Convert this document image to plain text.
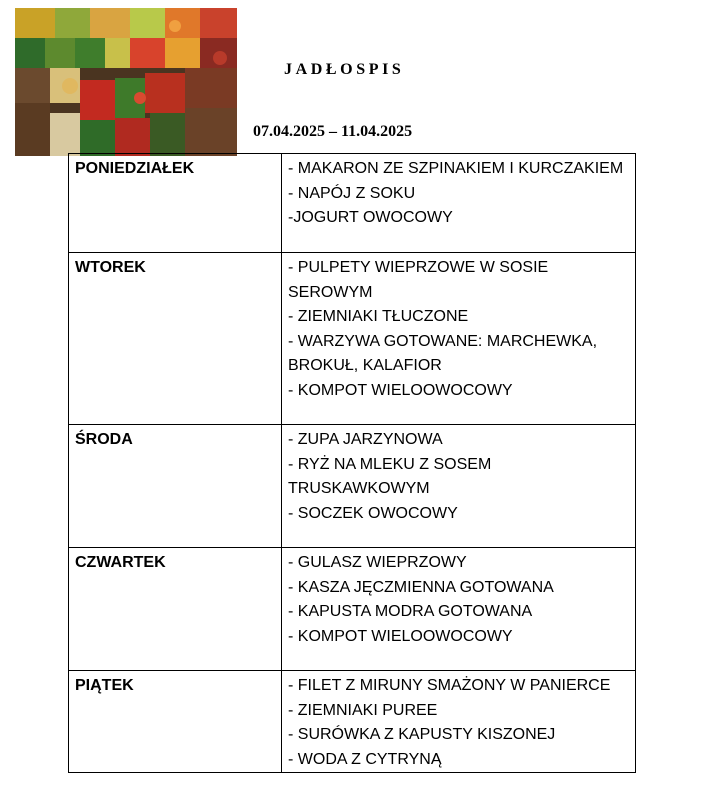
JADŁOSPIS
07.04.2025 – 11.04.2025
PONIEDZIAŁEK	- MAKARON ZE SZPINAKIEM I KURCZAKIEM
- NAPÓJ Z SOKU
-JOGURT OWOCOWY

WTOREK	- PULPETY WIEPRZOWE W SOSIE SEROWYM
- ZIEMNIAKI TŁUCZONE
- WARZYWA GOTOWANE: MARCHEWKA, BROKUŁ, KALAFIOR
- KOMPOT WIELOOWOCOWY

ŚRODA	- ZUPA JARZYNOWA
- RYŻ NA MLEKU Z SOSEM TRUSKAWKOWYM
- SOCZEK OWOCOWY

CZWARTEK	- GULASZ WIEPRZOWY
- KASZA JĘCZMIENNA GOTOWANA
- KAPUSTA MODRA GOTOWANA
- KOMPOT WIELOOWOCOWY

PIĄTEK	- FILET Z MIRUNY SMAŻONY W PANIERCE
- ZIEMNIAKI PUREE
- SURÓWKA Z KAPUSTY KISZONEJ
- WODA Z CYTRYNĄ
